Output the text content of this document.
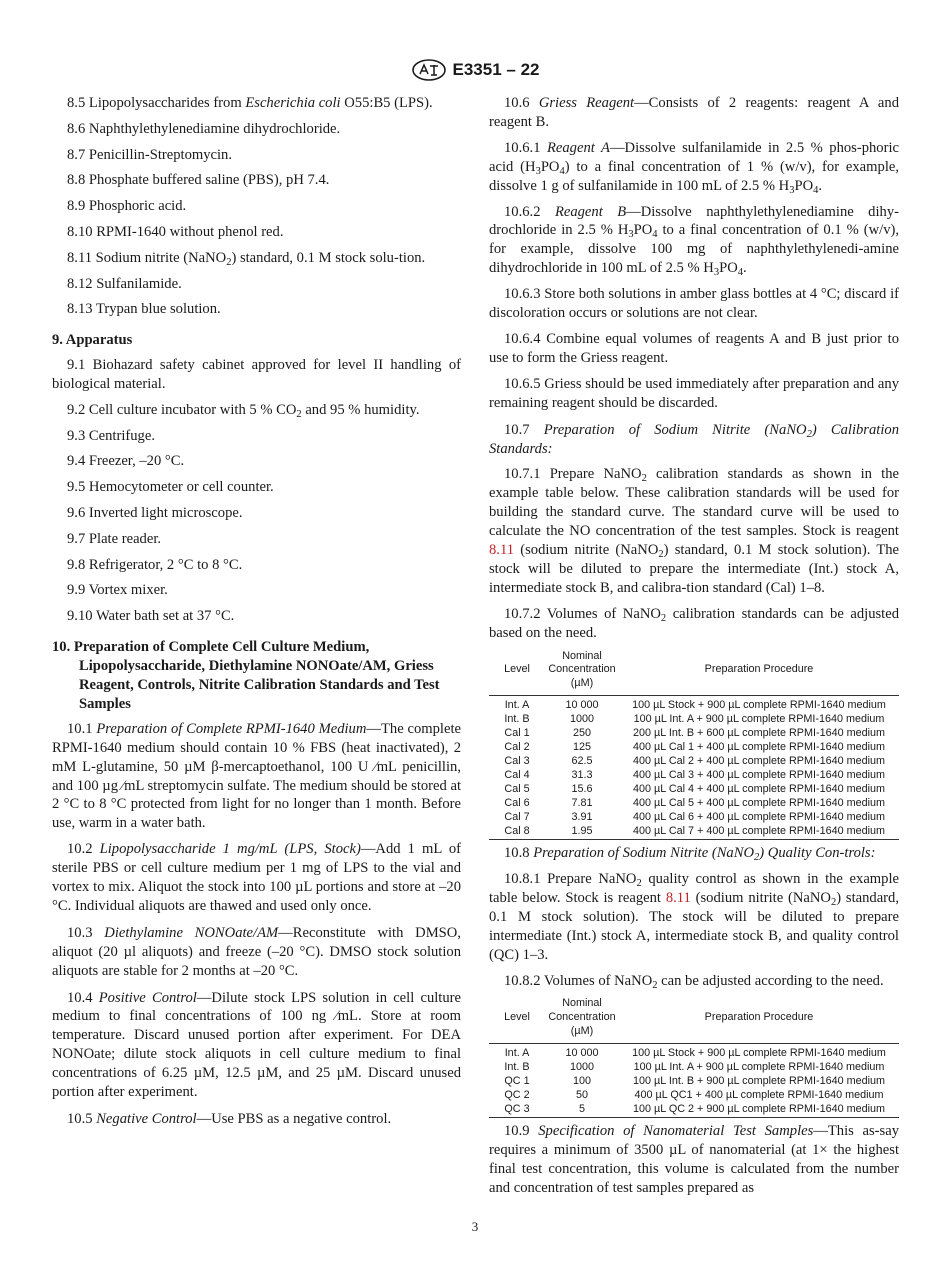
E3351 – 22

8.5 Lipopolysaccharides from Escherichia coli O55:B5 (LPS).

8.6 Naphthylethylenediamine dihydrochloride.

8.7 Penicillin-Streptomycin.

8.8 Phosphate buffered saline (PBS), pH 7.4.

8.9 Phosphoric acid.

8.10 RPMI-1640 without phenol red.

8.11 Sodium nitrite (NaNO$_2$) standard, 0.1 M stock solu-tion.

8.12 Sulfanilamide.

8.13 Trypan blue solution.

9. Apparatus

9.1 Biohazard safety cabinet approved for level II handling of biological material.

9.2 Cell culture incubator with 5 % $CO_2$ and 95 % humidity.

9.3 Centrifuge.

9.4 Freezer, –20 °C.

9.5 Hemocytometer or cell counter.

9.6 Inverted light microscope.

9.7 Plate reader.

9.8 Refrigerator, 2 °C to 8 °C.

9.9 Vortex mixer.

9.10 Water bath set at 37 °C.

10. Preparation of Complete Cell Culture Medium, Lipopolysaccharide, Diethylamine NONOate/AM, Griess Reagent, Controls, Nitrite Calibration Standards and Test Samples

10.1 Preparation of Complete RPMI-1640 Medium—The complete RPMI-1640 medium should contain 10 % FBS (heat inactivated), 2 mM L-glutamine, 50 µM β-mercaptoethanol, 100 U ⁄mL penicillin, and 100 µg ⁄mL streptomycin sulfate. The medium should be stored at 2 °C to 8 °C protected from light for no longer than 1 month. Before use, warm in a water bath.

10.2 Lipopolysaccharide 1 mg/mL (LPS, Stock)—Add 1 mL of sterile PBS or cell culture medium per 1 mg of LPS to the vial and vortex to mix. Aliquot the stock into 100 µL portions and store at –20 °C. Individual aliquots are thawed and used only once.

10.3 Diethylamine NONOate/AM—Reconstitute with DMSO, aliquot (20 µl aliquots) and freeze (–20 °C). DMSO stock solution aliquots are stable for 2 months at –20 °C.

10.4 Positive Control—Dilute stock LPS solution in cell culture medium to final concentrations of 100 ng ⁄mL. Store at room temperature. Discard unused portion after experiment. For DEA NONOate; dilute stock aliquots in cell culture medium to final concentrations of 6.25 µM, 12.5 µM, and 25 µM. Discard unused portion after experiment.

10.5 Negative Control—Use PBS as a negative control.

10.6 Griess Reagent—Consists of 2 reagents: reagent A and reagent B.

10.6.1 Reagent A—Dissolve sulfanilamide in 2.5 % phos-phoric acid $(H_3PO_4)$ to a final concentration of 1 % (w/v), for example, dissolve 1 g of sulfanilamide in 100 mL of 2.5 % $H_3PO_4$.

10.6.2 Reagent B—Dissolve naphthylethylenediamine dihy-drochloride in 2.5 % $H_3PO_4$ to a final concentration of 0.1 % (w/v), for example, dissolve 100 mg of naphthylethylenedi-amine dihydrochloride in 100 mL of 2.5 % $H_3PO_4$.

10.6.3 Store both solutions in amber glass bottles at 4 °C; discard if discoloration occurs or solutions are not clear.

10.6.4 Combine equal volumes of reagents A and B just prior to use to form the Griess reagent.

10.6.5 Griess should be used immediately after preparation and any remaining reagent should be discarded.

10.7 Preparation of Sodium Nitrite (NaNO$_2$) Calibration Standards:

10.7.1 Prepare NaNO$_2$ calibration standards as shown in the example table below. These calibration standards will be used for building the standard curve. The standard curve will be used to calculate the NO concentration of the test samples. Stock is reagent 8.11 (sodium nitrite (NaNO$_2$) standard, 0.1 M stock solution). The stock will be diluted to prepare the intermediate (Int.) stock A, intermediate stock B, and calibra-tion standard (Cal) 1–8.

10.7.2 Volumes of NaNO$_2$ calibration standards can be adjusted based on the need.

Level	Nominal Concentration (µM)	Preparation Procedure
Int. A	10 000	100 µL Stock + 900 µL complete RPMI-1640 medium
Int. B	1000	100 µL Int. A + 900 µL complete RPMI-1640 medium
Cal 1	250	200 µL Int. B + 600 µL complete RPMI-1640 medium
Cal 2	125	400 µL Cal 1 + 400 µL complete RPMI-1640 medium
Cal 3	62.5	400 µL Cal 2 + 400 µL complete RPMI-1640 medium
Cal 4	31.3	400 µL Cal 3 + 400 µL complete RPMI-1640 medium
Cal 5	15.6	400 µL Cal 4 + 400 µL complete RPMI-1640 medium
Cal 6	7.81	400 µL Cal 5 + 400 µL complete RPMI-1640 medium
Cal 7	3.91	400 µL Cal 6 + 400 µL complete RPMI-1640 medium
Cal 8	1.95	400 µL Cal 7 + 400 µL complete RPMI-1640 medium

10.8 Preparation of Sodium Nitrite (NaNO$_2$) Quality Con-trols:

10.8.1 Prepare NaNO$_2$ quality control as shown in the example table below. Stock is reagent 8.11 (sodium nitrite (NaNO$_2$) standard, 0.1 M stock solution). The stock will be diluted to prepare intermediate (Int.) stock A, intermediate stock B, and quality control (QC) 1–3.

10.8.2 Volumes of NaNO$_2$ can be adjusted according to the need.

Level	Nominal Concentration (µM)	Preparation Procedure
Int. A	10 000	100 µL Stock + 900 µL complete RPMI-1640 medium
Int. B	1000	100 µL Int. A + 900 µL complete RPMI-1640 medium
QC 1	100	100 µL Int. B + 900 µL complete RPMI-1640 medium
QC 2	50	400 µL QC1 + 400 µL complete RPMI-1640 medium
QC 3	5	100 µL QC 2 + 900 µL complete RPMI-1640 medium

10.9 Specification of Nanomaterial Test Samples—This as-say requires a minimum of 3500 µL of nanomaterial (at 1× the highest final test concentration, this volume is calculated from the number and concentration of test samples prepared as

3
